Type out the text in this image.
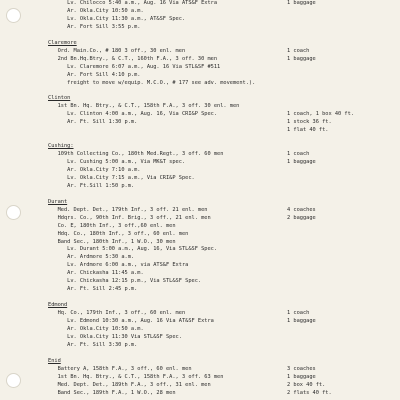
Lv. Chilocco 5:40 a.m., Aug. 16 Via ATS&F Extra	1 baggage
Ar. Okla.City 10:50 a.m.
Lv. Okla.City 11:30 a.m., AT&SF Spec.
Ar. Fort Sill 3:55 p.m.
Claremore
Ord. Main.Co., # 180 3 off., 30 enl. men	1 coach
2nd Bn.Hq.Btry., & C.T., 160th F.A., 3 off. 30 men	1 baggage
Lv. Claremore 6:07 a.m., Aug. 16 Via STL&SF #511
Ar. Fort Sill 4:10 p.m.
freight to move w/equip. M.C.O., # 177 see adv. movement.).
Clinton
1st Bn. Hq. Btry., & C.T., 158th F.A., 3 off. 30 enl. men
Lv. Clinton 4:00 a.m., Aug. 16, Via CRI&P Spec.	1 coach, 1 box 40 ft.
Ar. Ft. Sill 1:30 p.m.	1 stock 36 ft.
1 flat 40 ft.
Cushing:
109th Collecting Co., 180th Med.Regt., 3 off. 60 men	1 coach
Lv. Cushing 5:00 a.m., Via MK&T spec.	1 baggage
Ar. Okla.City 7:10 a.m.
Lv. Okla.City 7:15 a.m., Via CRI&P Spec.
Ar. Ft.Sill 1:50 p.m.
Durant
Med. Dept. Det., 179th Inf., 3 off. 21 enl. men	4 coaches
Hdqrs. Co., 90th Inf. Brig., 3 off., 21 enl. men	2 baggage
Co. E, 180th Inf., 3 off.,60 enl. men
Hdq. Co., 180th Inf., 3 off., 60 enl. men
Band Sec., 180th Inf., 1 W.O., 30 men
Lv. Durant 5:00 a.m., Aug. 16, Via STL&SF Spec.
Ar. Ardmore 5:30 a.m.
Lv. Ardmore 6:00 a.m., via ATS&F Extra
Ar. Chickasha 11:45 a.m.
Lv. Chickasha 12:15 p.m., Via STL&SF Spec.
Ar. Ft. Sill 2:45 p.m.
Edmond
Hq. Co., 179th Inf., 3 off., 60 enl. men	1 coach
Lv. Edmond 10:30 a.m., Aug. 16 Via AT&SF Extra	1 baggage
Ar. Okla.City 10:50 a.m.
Lv. Okla.City 11:30 Via STL&SF Spec.
Ar. Ft. Sill 3:30 p.m.
Enid
Battery A, 158th F.A., 3 off., 60 enl. men	3 coaches
1st Bn. Hq. Btry., & C.T., 158th F.A., 3 off. 63 men	1 baggage
Med. Dept. Det., 189th F.A., 3 off., 31 enl. men	2 box 40 ft.
Band Sec., 189th F.A., 1 W.O., 28 men	2 flats 40 ft.
